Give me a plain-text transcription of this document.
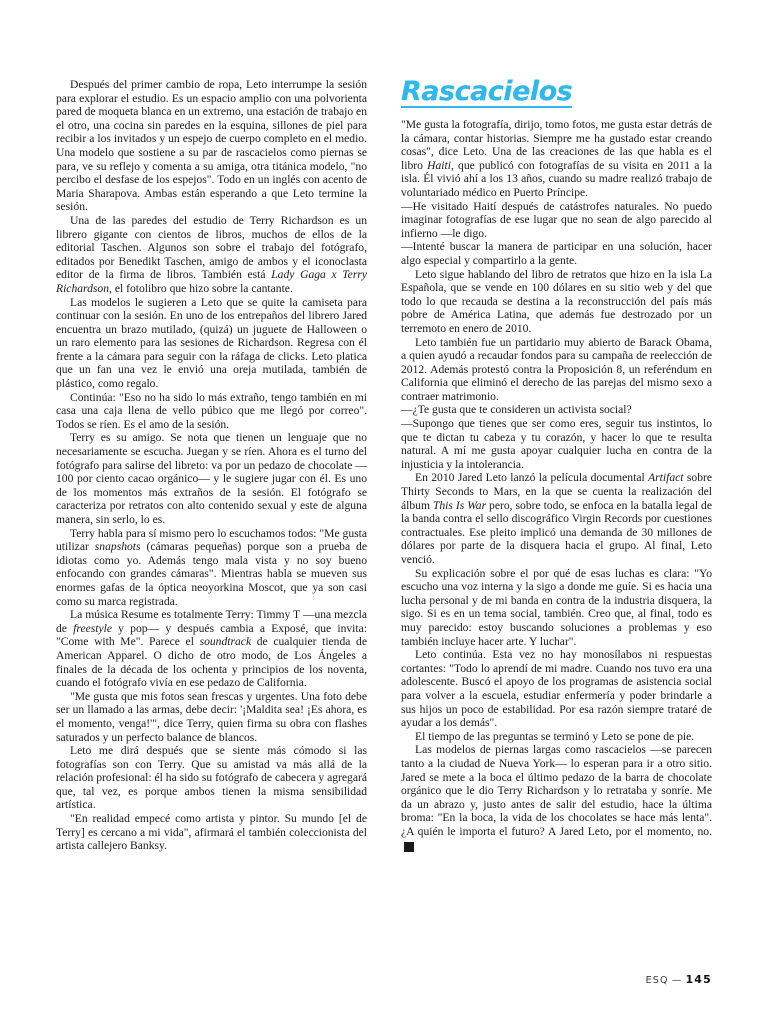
Después del primer cambio de ropa, Leto interrumpe la sesión para explorar el estudio. Es un espacio amplio con una polvorienta pared de moqueta blanca en un extremo, una estación de trabajo en el otro, una cocina sin paredes en la esquina, sillones de piel para recibir a los invitados y un espejo de cuerpo completo en el medio. Una modelo que sostiene a su par de rascacielos como piernas se para, ve su reflejo y comenta a su amiga, otra titánica modelo, "no percibo el desfase de los espejos". Todo en un inglés con acento de Maria Sharapova. Ambas están esperando a que Leto termine la sesión.

Una de las paredes del estudio de Terry Richardson es un librero gigante con cientos de libros, muchos de ellos de la editorial Taschen. Algunos son sobre el trabajo del fotógrafo, editados por Benedikt Taschen, amigo de ambos y el iconoclasta editor de la firma de libros. También está Lady Gaga x Terry Richardson, el fotolibro que hizo sobre la cantante.

Las modelos le sugieren a Leto que se quite la camiseta para continuar con la sesión. En uno de los entrepaños del librero Jared encuentra un brazo mutilado, (quizá) un juguete de Halloween o un raro elemento para las sesiones de Richardson. Regresa con él frente a la cámara para seguir con la ráfaga de clicks. Leto platica que un fan una vez le envió una oreja mutilada, también de plástico, como regalo.

Continúa: "Eso no ha sido lo más extraño, tengo también en mi casa una caja llena de vello púbico que me llegó por correo". Todos se ríen. Es el amo de la sesión.

Terry es su amigo. Se nota que tienen un lenguaje que no necesariamente se escucha. Juegan y se ríen. Ahora es el turno del fotógrafo para salirse del libreto: va por un pedazo de chocolate —100 por ciento cacao orgánico— y le sugiere jugar con él. Es uno de los momentos más extraños de la sesión. El fotógrafo se caracteriza por retratos con alto contenido sexual y este de alguna manera, sin serlo, lo es.

Terry habla para sí mismo pero lo escuchamos todos: "Me gusta utilizar snapshots (cámaras pequeñas) porque son a prueba de idiotas como yo. Además tengo mala vista y no soy bueno enfocando con grandes cámaras". Mientras habla se mueven sus enormes gafas de la óptica neoyorkina Moscot, que ya son casi como su marca registrada.

La música Resume es totalmente Terry: Timmy T —una mezcla de freestyle y pop— y después cambia a Exposé, que invita: "Come with Me". Parece el soundtrack de cualquier tienda de American Apparel. O dicho de otro modo, de Los Ángeles a finales de la década de los ochenta y principios de los noventa, cuando el fotógrafo vivía en ese pedazo de California.

"Me gusta que mis fotos sean frescas y urgentes. Una foto debe ser un llamado a las armas, debe decir: '¡Maldita sea! ¡Es ahora, es el momento, venga!'", dice Terry, quien firma su obra con flashes saturados y un perfecto balance de blancos.

Leto me dirá después que se siente más cómodo si las fotografías son con Terry. Que su amistad va más allá de la relación profesional: él ha sido su fotógrafo de cabecera y agregará que, tal vez, es porque ambos tienen la misma sensibilidad artística.

"En realidad empecé como artista y pintor. Su mundo [el de Terry] es cercano a mi vida", afirmará el también coleccionista del artista callejero Banksy.

Rascacielos

"Me gusta la fotografía, dirijo, tomo fotos, me gusta estar detrás de la cámara, contar historias. Siempre me ha gustado estar creando cosas", dice Leto. Una de las creaciones de las que habla es el libro Haiti, que publicó con fotografías de su visita en 2011 a la isla. Él vivió ahí a los 13 años, cuando su madre realizó trabajo de voluntariado médico en Puerto Príncipe.

—He visitado Haití después de catástrofes naturales. No puedo imaginar fotografías de ese lugar que no sean de algo parecido al infierno —le digo.

—Intenté buscar la manera de participar en una solución, hacer algo especial y compartirlo a la gente.

Leto sigue hablando del libro de retratos que hizo en la isla La Española, que se vende en 100 dólares en su sitio web y del que todo lo que recauda se destina a la reconstrucción del país más pobre de América Latina, que además fue destrozado por un terremoto en enero de 2010.

Leto también fue un partidario muy abierto de Barack Obama, a quien ayudó a recaudar fondos para su campaña de reelección de 2012. Además protestó contra la Proposición 8, un referéndum en California que eliminó el derecho de las parejas del mismo sexo a contraer matrimonio.

—¿Te gusta que te consideren un activista social?

—Supongo que tienes que ser como eres, seguir tus instintos, lo que te dictan tu cabeza y tu corazón, y hacer lo que te resulta natural. A mí me gusta apoyar cualquier lucha en contra de la injusticia y la intolerancia.

En 2010 Jared Leto lanzó la película documental Artifact sobre Thirty Seconds to Mars, en la que se cuenta la realización del álbum This Is War pero, sobre todo, se enfoca en la batalla legal de la banda contra el sello discográfico Virgin Records por cuestiones contractuales. Ese pleito implicó una demanda de 30 millones de dólares por parte de la disquera hacia el grupo. Al final, Leto venció.

Su explicación sobre el por qué de esas luchas es clara: "Yo escucho una voz interna y la sigo a donde me guíe. Si es hacia una lucha personal y de mi banda en contra de la industria disquera, la sigo. Si es en un tema social, también. Creo que, al final, todo es muy parecido: estoy buscando soluciones a problemas y eso también incluye hacer arte. Y luchar".

Leto continúa. Esta vez no hay monosílabos ni respuestas cortantes: "Todo lo aprendí de mi madre. Cuando nos tuvo era una adolescente. Buscó el apoyo de los programas de asistencia social para volver a la escuela, estudiar enfermería y poder brindarle a sus hijos un poco de estabilidad. Por esa razón siempre trataré de ayudar a los demás".

El tiempo de las preguntas se terminó y Leto se pone de pie.

Las modelos de piernas largas como rascacielos —se parecen tanto a la ciudad de Nueva York— lo esperan para ir a otro sitio. Jared se mete a la boca el último pedazo de la barra de chocolate orgánico que le dio Terry Richardson y lo retrataba y sonríe. Me da un abrazo y, justo antes de salir del estudio, hace la última broma: "En la boca, la vida de los chocolates se hace más lenta". ¿A quién le importa el futuro? A Jared Leto, por el momento, no.E

ESQ — 145
